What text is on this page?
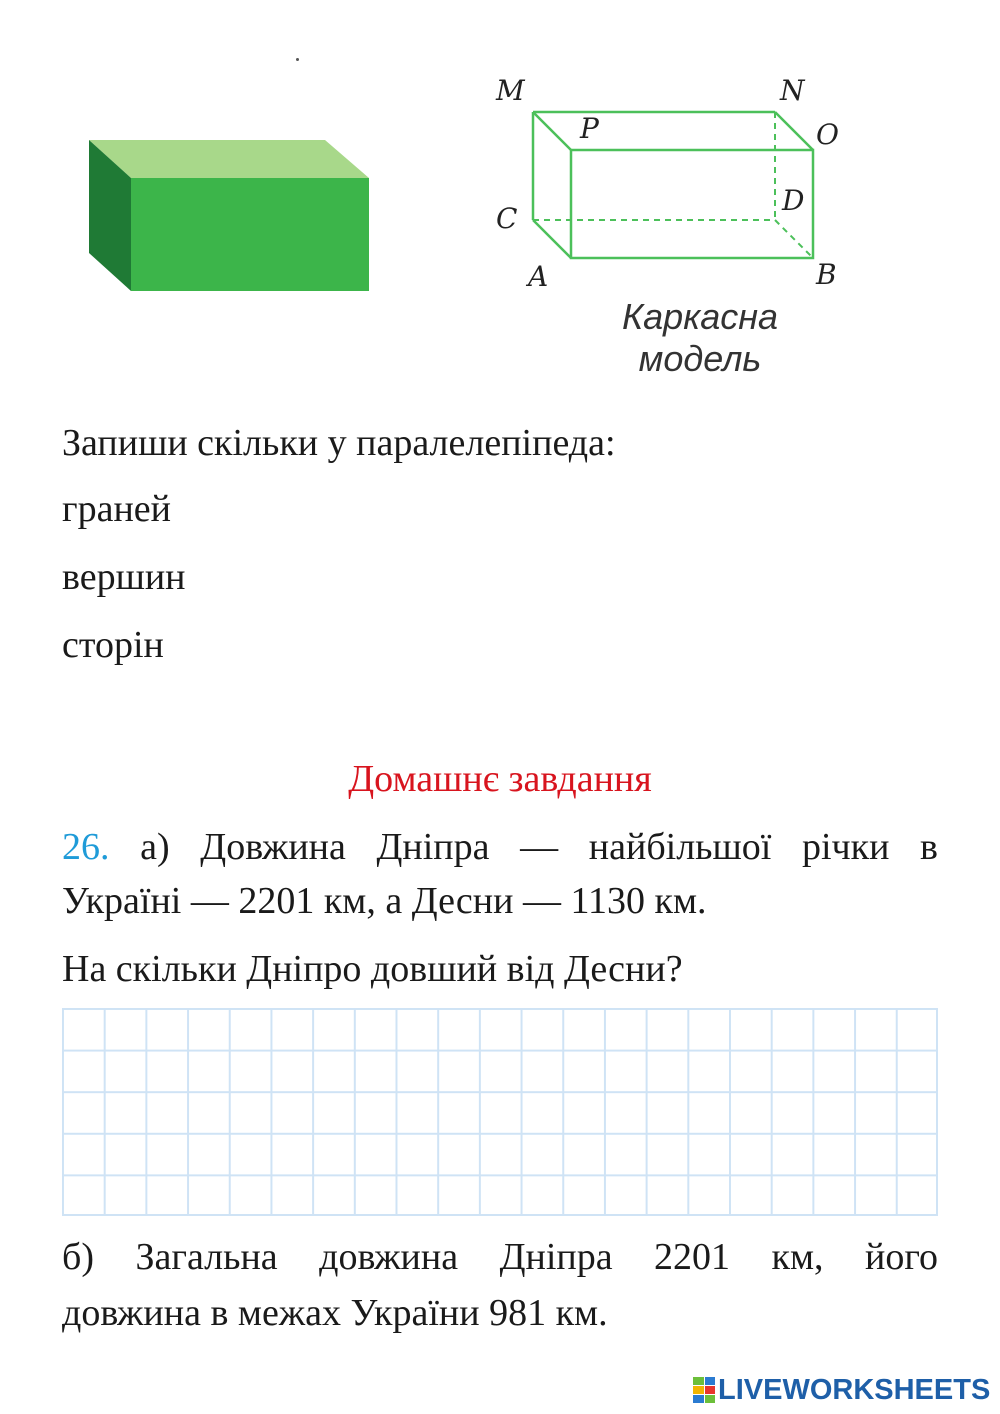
M	N
P	O
C
D
A	B
Каркасна
модель
Запиши скільки у паралелепіпеда:
граней
вершин
сторін
Домашнє завдання
26. а) Довжина Дніпра — найбільшої річки в
Україні — 2201 км, а Десни — 1130 км.
На скільки Дніпро довший від Десни?
б) Загальна довжина Дніпра 2201 км, його
довжина в межах України 981 км.
LIVEWORKSHEETS
